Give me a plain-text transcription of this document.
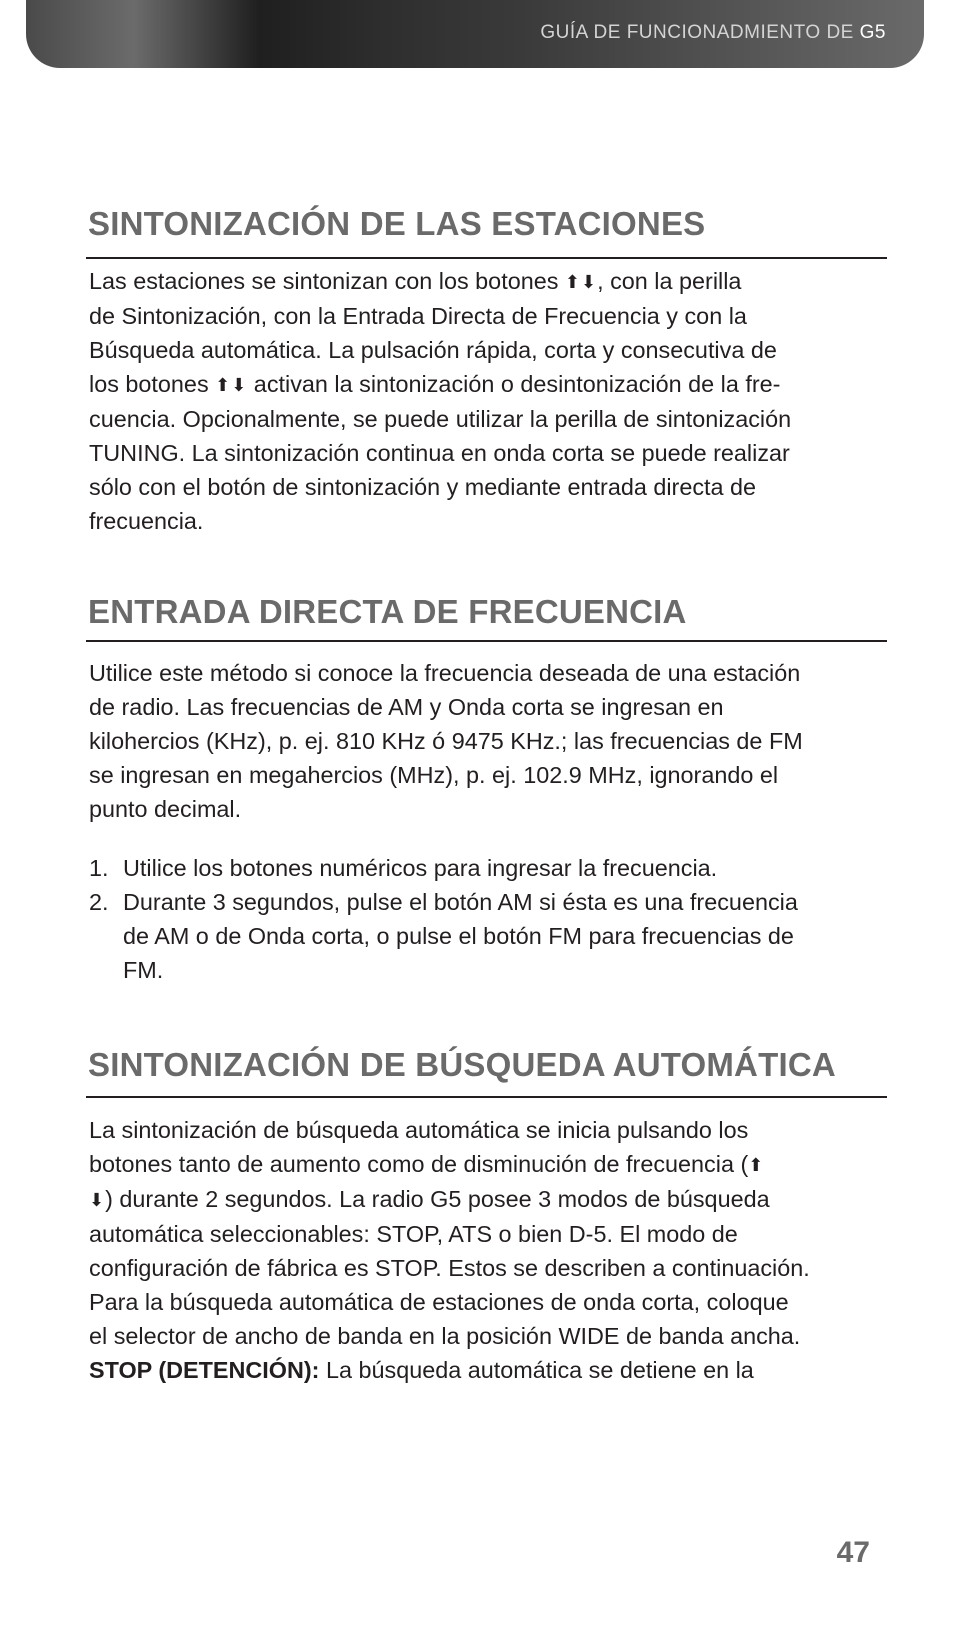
GUÍA DE FUNCIONADMIENTO DE G5
SINTONIZACIÓN DE LAS ESTACIONES
Las estaciones se sintonizan con los botones ⬆⬇, con la perilla
de Sintonización, con la Entrada Directa de Frecuencia y con la
Búsqueda automática. La pulsación rápida, corta y consecutiva de
los botones ⬆⬇ activan la sintonización o desintonización de la fre-
cuencia. Opcionalmente, se puede utilizar la perilla de sintonización
TUNING. La sintonización continua en onda corta se puede realizar
sólo con el botón de sintonización y mediante entrada directa de
frecuencia.
ENTRADA DIRECTA DE FRECUENCIA
Utilice este método si conoce la frecuencia deseada de una estación
de radio. Las frecuencias de AM y Onda corta se ingresan en
kilohercios (KHz), p. ej. 810 KHz ó 9475 KHz.; las frecuencias de FM
se ingresan en megahercios (MHz), p. ej. 102.9 MHz, ignorando el
punto decimal.
1. Utilice los botones numéricos para ingresar la frecuencia.
2. Durante 3 segundos, pulse el botón AM si ésta es una frecuencia
de AM o de Onda corta, o pulse el botón FM para frecuencias de
FM.
SINTONIZACIÓN DE BÚSQUEDA AUTOMÁTICA
La sintonización de búsqueda automática se inicia pulsando los
botones tanto de aumento como de disminución de frecuencia (⬆
⬇) durante 2 segundos. La radio G5 posee 3 modos de búsqueda
automática seleccionables: STOP, ATS o bien D-5. El modo de
configuración de fábrica es STOP. Estos se describen a continuación.
Para la búsqueda automática de estaciones de onda corta, coloque
el selector de ancho de banda en la posición WIDE de banda ancha.
STOP (DETENCIÓN): La búsqueda automática se detiene en la
47
